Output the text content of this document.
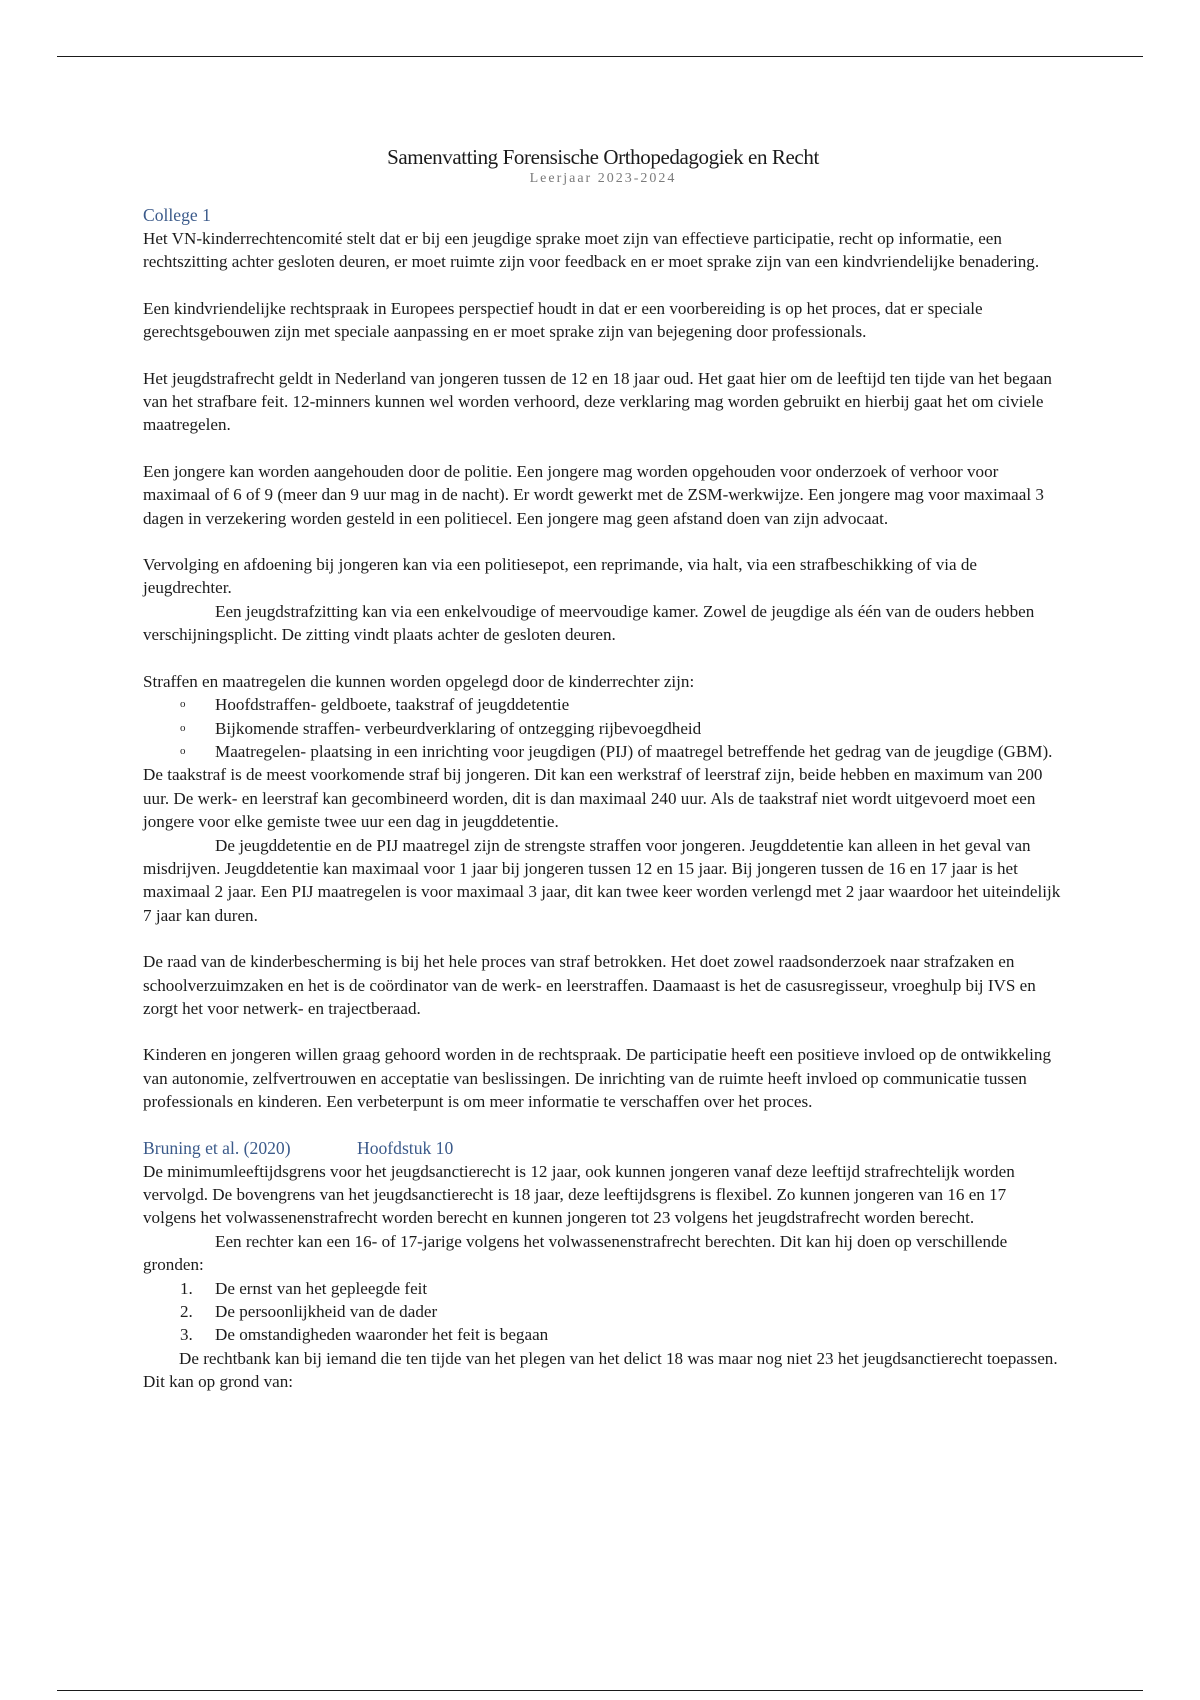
Samenvatting Forensische Orthopedagogiek en Recht
Leerjaar 2023-2024
College 1

Het VN-kinderrechtencomité stelt dat er bij een jeugdige sprake moet zijn van effectieve participatie, recht op informatie, een rechtszitting achter gesloten deuren, er moet ruimte zijn voor feedback en er moet sprake zijn van een kindvriendelijke benadering.

Een kindvriendelijke rechtspraak in Europees perspectief houdt in dat er een voorbereiding is op het proces, dat er speciale gerechtsgebouwen zijn met speciale aanpassing en er moet sprake zijn van bejegening door professionals.

Het jeugdstrafrecht geldt in Nederland van jongeren tussen de 12 en 18 jaar oud. Het gaat hier om de leeftijd ten tijde van het begaan van het strafbare feit. 12-minners kunnen wel worden verhoord, deze verklaring mag worden gebruikt en hierbij gaat het om civiele maatregelen.

Een jongere kan worden aangehouden door de politie. Een jongere mag worden opgehouden voor onderzoek of verhoor voor maximaal of 6 of 9 (meer dan 9 uur mag in de nacht). Er wordt gewerkt met de ZSM-werkwijze. Een jongere mag voor maximaal 3 dagen in verzekering worden gesteld in een politiecel. Een jongere mag geen afstand doen van zijn advocaat.

Vervolging en afdoening bij jongeren kan via een politiesepot, een reprimande, via halt, via een strafbeschikking of via de jeugdrechter.

Een jeugdstrafzitting kan via een enkelvoudige of meervoudige kamer. Zowel de jeugdige als één van de ouders hebben verschijningsplicht. De zitting vindt plaats achter de gesloten deuren.

Straffen en maatregelen die kunnen worden opgelegd door de kinderrechter zijn:

o Hoofdstraffen- geldboete, taakstraf of jeugddetentie
o Bijkomende straffen- verbeurdverklaring of ontzegging rijbevoegdheid
o Maatregelen- plaatsing in een inrichting voor jeugdigen (PIJ) of maatregel betreffende het gedrag van de jeugdige (GBM).

De taakstraf is de meest voorkomende straf bij jongeren. Dit kan een werkstraf of leerstraf zijn, beide hebben en maximum van 200 uur. De werk- en leerstraf kan gecombineerd worden, dit is dan maximaal 240 uur. Als de taakstraf niet wordt uitgevoerd moet een jongere voor elke gemiste twee uur een dag in jeugddetentie.

De jeugddetentie en de PIJ maatregel zijn de strengste straffen voor jongeren. Jeugddetentie kan alleen in het geval van misdrijven. Jeugddetentie kan maximaal voor 1 jaar bij jongeren tussen 12 en 15 jaar. Bij jongeren tussen de 16 en 17 jaar is het maximaal 2 jaar. Een PIJ maatregelen is voor maximaal 3 jaar, dit kan twee keer worden verlengd met 2 jaar waardoor het uiteindelijk 7 jaar kan duren.

De raad van de kinderbescherming is bij het hele proces van straf betrokken. Het doet zowel raadsonderzoek naar strafzaken en schoolverzuimzaken en het is de coördinator van de werk- en leerstraffen. Daamaast is het de casusregisseur, vroeghulp bij IVS en zorgt het voor netwerk- en trajectberaad.

Kinderen en jongeren willen graag gehoord worden in de rechtspraak. De participatie heeft een positieve invloed op de ontwikkeling van autonomie, zelfvertrouwen en acceptatie van beslissingen. De inrichting van de ruimte heeft invloed op communicatie tussen professionals en kinderen. Een verbeterpunt is om meer informatie te verschaffen over het proces.

Bruning et al. (2020)	Hoofdstuk 10

De minimumleeftijdsgrens voor het jeugdsanctierecht is 12 jaar, ook kunnen jongeren vanaf deze leeftijd strafrechtelijk worden vervolgd. De bovengrens van het jeugdsanctierecht is 18 jaar, deze leeftijdsgrens is flexibel. Zo kunnen jongeren van 16 en 17 volgens het volwassenenstrafrecht worden berecht en kunnen jongeren tot 23 volgens het jeugdstrafrecht worden berecht.

Een rechter kan een 16- of 17-jarige volgens het volwassenenstrafrecht berechten. Dit kan hij doen op verschillende gronden:

1. De ernst van het gepleegde feit
2. De persoonlijkheid van de dader
3. De omstandigheden waaronder het feit is begaan

De rechtbank kan bij iemand die ten tijde van het plegen van het delict 18 was maar nog niet 23 het jeugdsanctierecht toepassen. Dit kan op grond van:
